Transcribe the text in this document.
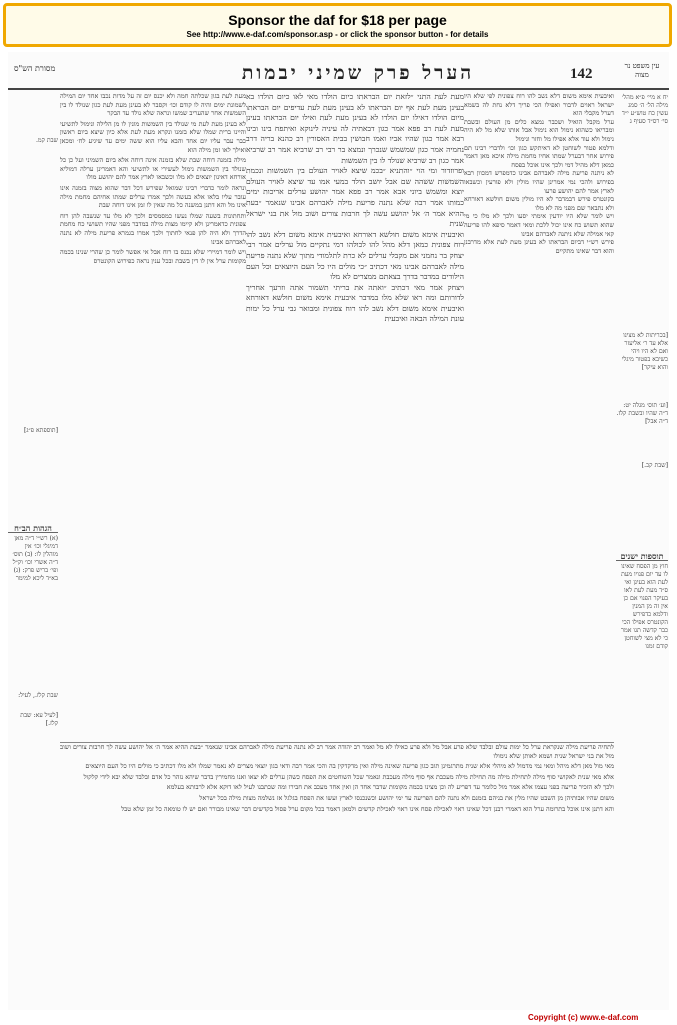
Sponsor the daf for $18 per page
See http://www.e-daf.com/sponsor.asp - or click the sponsor button - for details
מסורת הש"ס	הערל פרק שמיני יבמות	142	עין משפט נר מצוה
ואיבעית אימא משום דלא נשב להו רוח צפונית לפי שלא היו ישראל ראוים לדבור ואפילו הכי פריך דלא נחת לה בשמא דערל מקבלי הוא
ערל מקבל הואיל ושכבר נמצא כלים מן העולם ובשבת ומבריאו כשהוא נימול הוא נימול אבל אותו שלא מל לא היה נימול ולא עוד אלא אפילו מל וחזר ונימול
ודלמא פטור לשוחטן לא דאיתקש כגון וכו׳ ולדברי רבינו תם פירוש אחר דבערל שמתו אחיו מחמת מילה איכא מאן דאמר כמאן דלא מהיל דמי ולכך אינו אוכל בפסח
לא ניתנה פריעת מילה לאברהם אבינו כדמפרש דמכוון רבא בפירוש ולהכי נמי אמרינן שהיו מולין ולא פורעין וכשבאו לארץ אמר להם יהושע פרעו
בקונטרס פירש דבמדבר לא היו מולין משום חולשא דאורחא ולא נתבאר שם מפני מה לא מלו
ויש לומר שלא היו יודעין אימתי יסעו ולכך לא מלו כי מי שהוא תשוש כח אינו יכול ללכת ומאי דאמר סיפא להו פריעה קאי אמילה שלא ניתנה לאברהם אבינו
פירש רש״י דביום הבראתו לא בעינן מעת לעת אלא מדרבנן והוא דבר שאינו מתקיים
מעת לעת התני ״לזאת יום הבראתו כיום הולדו מאי לאו כיום הולדו בא בעינן מעת לעת אף יום הבראתו לא בעינן מעת לעת עדיפים יום הבראתו מיום הולדו דאילו יום הולדו לא בעינן מעת לעת ואילו יום הבראתו בעינן מעת לעת רב פפא אמר כגון דבאתיה לה עיניה לינוקא ואיתפח בינו ובינו רבא אמר כגון שהיו אביו ואמו חבושין בבית האסורין רב כהנא בריה דרב נחמיה אמר כגון שמשמש שנכרך ונמצא בר רבי רב שרביא אמר רב שרביא אמר כגון רב שרביא שנולד לו בין השמשות
ופרוזדור ומי הוי ״והתניא ״בכמ שיצא לאויר העולם בין השמשות ונכמת השמשות ששהה שם אבל יושב הולד במעי אמו עד שיצא לאויר העולם יוצא ומשמש ביוני אבא אמר רב פפא אמר יהושע ערלים אריכות ימים כמותו אמר רבה שלא נתנה פריעת מילה לאברהם אבינו שנאמר ״בעת ההיא אמר ה׳ אל יהושע עשה לך חרבות צורים ושוב מול את בני ישראל שנית
ואיבעית אימא משום חולשא דאורחא ואיבעית אימא משום דלא נשב להו רוח צפונית כמאן דלא מהל להו לכולהו דמי נתקיים מול ערלים אמר רבי יצחק בר נחמני אם מקבלי ערלים לא כרת לתלמודי מתוך שלא נתנה פריעת מילה לאברהם אבינו מאי דכתיב ״כי מולים היו כל העם היוצאים וכל העם הילודים במדבר בדרך בצאתם ממצרים לא מלו
ויצחק אמר מאי דכתיב ״ואתה את בריתי תשמור אתה וזרעך אחריך לדורותם ומה ראו שלא מלו במדבר איבעית אימא משום חולשא דאורחא ואיבעית אימא משום דלא נשב להו רוח צפונית ומבואר גבי ערל כל ימות עונת המילה הבאה ואיבעית
מעת לעת בגון שכלתה חמה ולא יכנס יום זה על מדות נכבו אחד יום המילה לשמונת ימים והיה לו קודם וכו׳ וקסבר לא בעינן מעת לעת כגון שנולד לו בין השמשות אחר שהעריב שמשו ונראה שלא נולד עד הבקר
לא בעינן מעת לעת מי שנולד בין השמשות מונין לו מן הלילה ונימול לתשיעי והיינו ברית שמלו שלא בזמנו ונקרא מעת לעת אלא כיון שיצא ביום ראשון כבר עבר עליו יום אחד והבא עליו הוא ששה ימים עד שיגיע לח׳ ומכאן ואילך לאו זמן מילה הוא
מילה בזמנה דוחה שבת שלא בזמנה אינה דוחה אלא ביום השמיני ועל כן כל שנולד בין השמשות נימול לעשירי או לתשיעי והא דאמרינן ערלה דמוליא אורחא דאינון יוצאים לא מלו וכשבאו לארץ אמר להם יהושע מולו
ונראה לומר כדברי רבינו שמואל שפירש דכל דבר שהוא מצוה בזמנה אינו עובר עליו בלאו אלא בעשה ולכך אמרו ערלים שמתו אחיהם מחמת מילה אינו מל והא דתנן במשנה כל מה שאין לו זמן אינו דוחה שבת
ותחתונות בשעה שמלו נעשו כמסמסים ולכך לא מלו עד שנשבה להן רוח צפונית כדאמרינן ולא קיימו מצות מילה במדבר מפני שהיו תשושי כח מחמת הדרך ולא היה להן פנאי לחתוך ולכך אמרו בגמרא פריעת מילה לא נתנה לאברהם אבינו
ויש לומר דמיירי שלא נכנס בו רוח אבל אי אפשר לומר כן שהרי שנינו בכמה מקומות ערל אין לו דין בשבת ובכל ענין נראה כפירוש הקונטרס
לתחיה פריעת מילה שנקראת ערל כל ימות עולם ובלבד שלא פרע אבל מל ולא פרע כאילו לא מל ואמר רב יהודה אמר רב לא נתנה פריעת מילה לאברהם אבינו שנאמר ״בעת ההיא אמר ה׳ אל יהושע עשה לך חרבות צורים ושוב מול את בני ישראל שנית ושמא לאותן שלא נימולו
מאי מול מאן דלא מיהל ומאי נמי מדמול לא מיהלי אלא שנית מתרגמינן תוב כגון פריעה שאינה מילה ואין מדקדקין בה והכי אמר רבה ודאי בגון יוצאי מצרים לא נאמר שמלו ולא מלו דכתיב כי מולים היו כל העם היוצאים
אלא מאי שנית לאקושי סוף מילה לתחילת מילה מה תחילת מילה מעכבת אף סוף מילה מעכבת ונאמר שכל השוחטים את הפסח כשהן ערלים לא יצאו ואנו מחמירין בדבר שיהא נזהר כל אדם ובלבד שלא יבא לידי קלקול
ולכך לא הזכיר פריעה בפני עצמו אלא אמר מול כלומר עד דפריע לה וכן מצינו בכמה מקומות שדבר אחד הן ואין אחד מעכב את חבירו ומה שכתבנו לעיל לאו דוקא אלא לרבותא בעלמא
משום שהיו אבותיהן מן השבט שהיו מלין את בניהם בזמנם ולא נתנה להם הפריעה עד ימי יהושע וכשנכנסו לארץ ועשו את הפסח בגלגל אז נשלמה מצות מילה בכל ישראל
והא דתנן אינו אוכל בתרומה ערל הוא דאמרי רבנן דכל שאינו ראוי לאכילת פסח אינו ראוי לאכילת קדשים ולמאן דאמר בכל מקום ערל פסול בקדשים דבר שאינו מבורר ואם יש לו טומאה כל זמן שלא טבל
שבת קמ.
[תוספתא פ״ג]
הגהות הב״ח
(א) רש״י ד״ה מאן דמיגלי וכו׳ אין מוהלין לו: (ב) תוס׳ ד״ה אשרי וכו׳ וק״ל ופי׳ בריש פרק: (ג) בא״ד ליכא למימר
שבת קלז., לעיל:
[לעיל עא: שבת קלז.]
יח א מיי׳ פ״א מהל׳ מילה הל׳ ה׳ סמג עשין כח טוש״ע י״ד סי׳ רס״ד סעיף ג
[בכריתות לא מצינו אלא עד ר׳ אליעזר ואם לא היו ויהי כשיבא בפטור מיגלי והוא עיקר]
[וע׳ תוס׳ מגלה יט: ד״ה שהיו ובשבת קלז. ד״ה אבל]
[שבת קכ.]
תוספות ישנים
חוץ מן הפסח שאינו לו עד יום פנויו מעת לעת הוא בעינן ואי ס״ד מעת לעת לאו בעיקר הפנוי אם כן אין זה מן המנין ודלמא כדפירש הקונטרס אפילו הכי כבר קדשה תגו אמר כי לא מצי לשוחטן קודם זמנו
Copyright (c) www.e-daf.com
